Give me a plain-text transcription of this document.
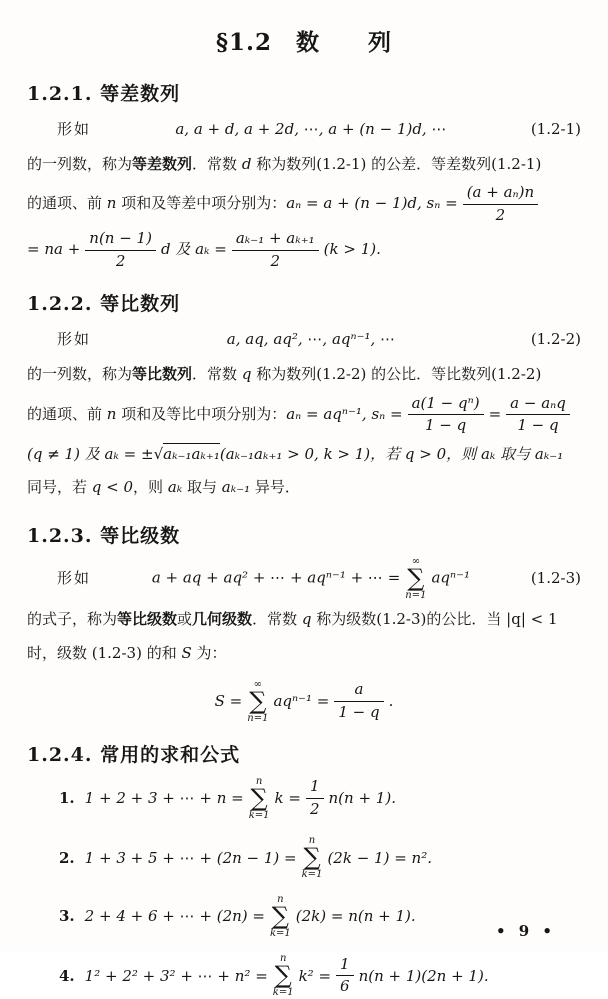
§1.2　数　　列
1.2.1. 等差数列
形如	a, a + d, a + 2d, ⋯, a + (n − 1)d, ⋯	(1.2-1)
的一列数，称为等差数列．常数 d 称为数列(1.2-1) 的公差．等差数列(1.2-1)
的通项、前 n 项和及等差中项分别为：aₙ = a + (n − 1)d, $s_n = \frac{\text{(a + aₙ)n}}{2}$
= na + $\frac{n(n - 1)}{2}$ d 及 $a_k = \frac{\text{aₖ₋₁ + aₖ₊₁}}{2} (k > 1)$.
1.2.2. 等比数列
形如	a, aq, aq², ⋯, aqⁿ⁻¹, ⋯	(1.2-2)
的一列数，称为等比数列．常数 q 称为数列(1.2-2) 的公比．等比数列(1.2-2)
的通项、前 n 项和及等比中项分别为：aₙ = aqⁿ⁻¹, $s_n = \frac{\text{a(1 − qⁿ)}}{1 - q} = \frac{\text{a − aₙq}}{1 - q}$
(q ≠ 1) 及 aₖ = ±√aₖ₋₁aₖ₊₁(aₖ₋₁aₖ₊₁ > 0, k > 1)，若 q > 0，则 aₖ 取与 aₖ₋₁
同号，若 q < 0，则 aₖ 取与 aₖ₋₁ 异号．
1.2.3. 等比级数
形如	a + aq + aq² + ⋯ + aqⁿ⁻¹ + ⋯ =
∞
∑
n=1
aqⁿ⁻¹	(1.2-3)
的式子，称为等比级数或几何级数．常数 q 称为级数(1.2-3)的公比．当 |q| < 1
时，级数 (1.2-3) 的和 S 为：
S =
∞
∑
n=1
$aq^{n-1} = \frac{a}{1 - q}$ .
1.2.4. 常用的求和公式
1. 1 + 2 + 3 + ⋯ + n =
n
∑
k=1
$k = \frac{1}{2} n(n + 1)$.
2. 1 + 3 + 5 + ⋯ + (2n − 1) =
n
∑
k=1
(2k − 1) = n².
3. 2 + 4 + 6 + ⋯ + (2n) =
n
∑
k=1
(2k) = n(n + 1).
4. 1² + 2² + 3² + ⋯ + n² =
n
∑
k=1
$k^2 = \frac{1}{6} n(n + 1)(2n + 1)$.
• 9 •
